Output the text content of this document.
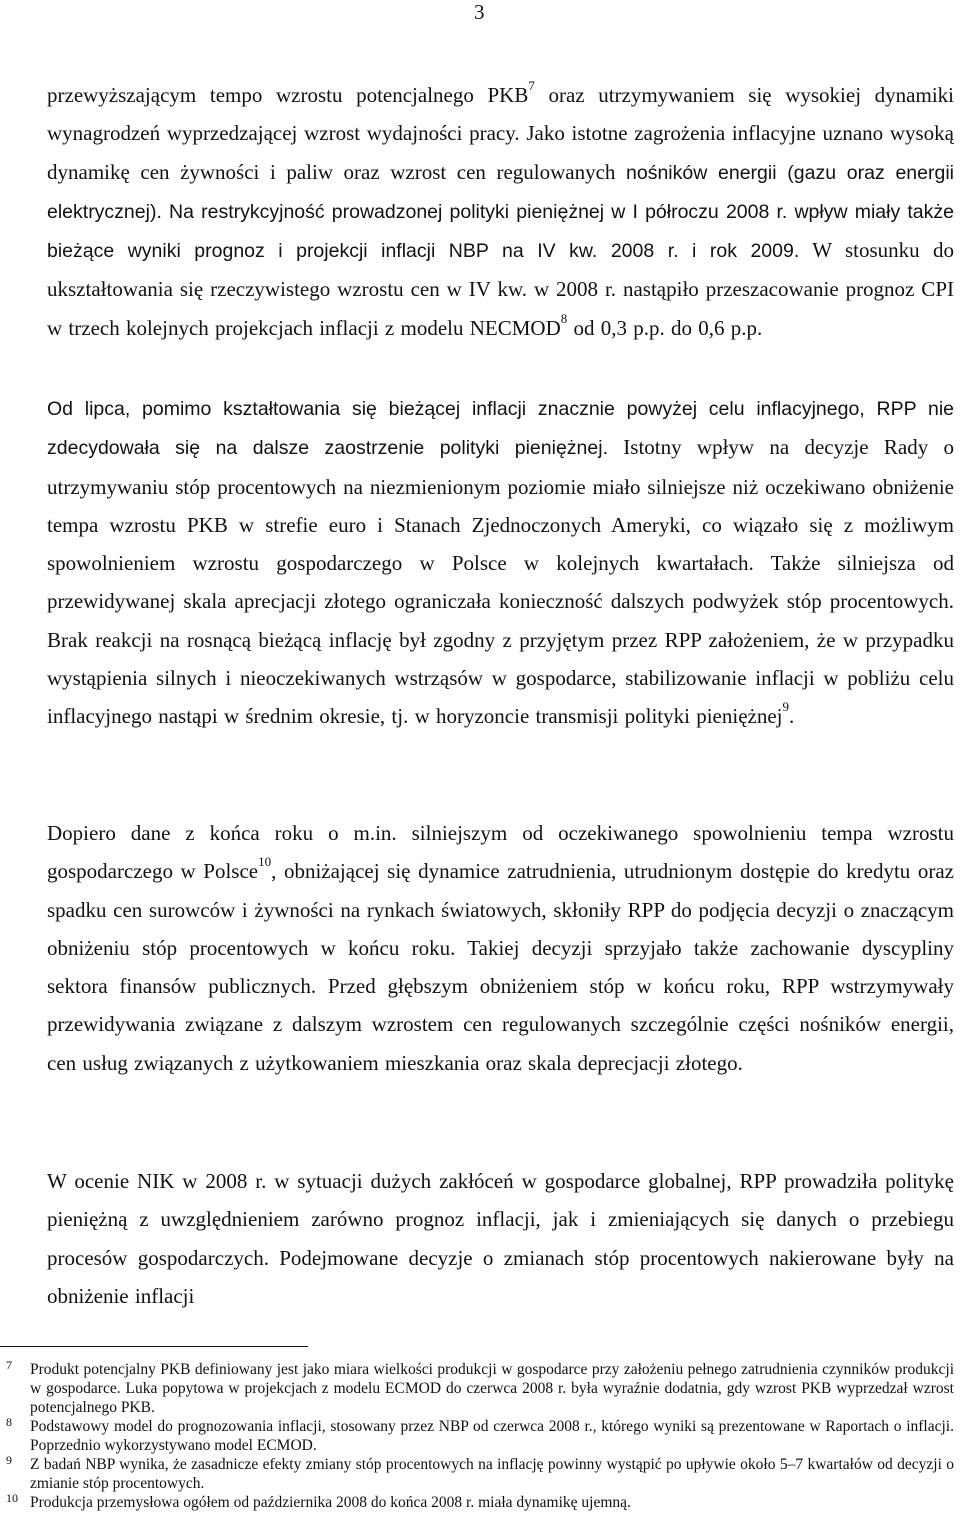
3

przewyższającym tempo wzrostu potencjalnego PKB$^7$ oraz utrzymywaniem się wysokiej dynamiki wynagrodzeń wyprzedzającej wzrost wydajności pracy. Jako istotne zagrożenia inflacyjne uznano wysoką dynamikę cen żywności i paliw oraz wzrost cen regulowanych nośników energii (gazu oraz energii elektrycznej). Na restrykcyjność prowadzonej polityki pieniężnej w I półroczu 2008 r. wpływ miały także bieżące wyniki prognoz i projekcji inflacji NBP na IV kw. 2008 r. i rok 2009. W stosunku do ukształtowania się rzeczywistego wzrostu cen w IV kw. w 2008 r. nastąpiło przeszacowanie prognoz CPI w trzech kolejnych projekcjach inflacji z modelu NECMOD$^8$ od 0,3 p.p. do 0,6 p.p.

Od lipca, pomimo kształtowania się bieżącej inflacji znacznie powyżej celu inflacyjnego, RPP nie zdecydowała się na dalsze zaostrzenie polityki pieniężnej. Istotny wpływ na decyzje Rady o utrzymywaniu stóp procentowych na niezmienionym poziomie miało silniejsze niż oczekiwano obniżenie tempa wzrostu PKB w strefie euro i Stanach Zjednoczonych Ameryki, co wiązało się z możliwym spowolnieniem wzrostu gospodarczego w Polsce w kolejnych kwartałach. Także silniejsza od przewidywanej skala aprecjacji złotego ograniczała konieczność dalszych podwyżek stóp procentowych. Brak reakcji na rosnącą bieżącą inflację był zgodny z przyjętym przez RPP założeniem, że w przypadku wystąpienia silnych i nieoczekiwanych wstrząsów w gospodarce, stabilizowanie inflacji w pobliżu celu inflacyjnego nastąpi w średnim okresie, tj. w horyzoncie transmisji polityki pieniężnej$^9$.

Dopiero dane z końca roku o m.in. silniejszym od oczekiwanego spowolnieniu tempa wzrostu gospodarczego w Polsce$^{10}$, obniżającej się dynamice zatrudnienia, utrudnionym dostępie do kredytu oraz spadku cen surowców i żywności na rynkach światowych, skłoniły RPP do podjęcia decyzji o znaczącym obniżeniu stóp procentowych w końcu roku. Takiej decyzji sprzyjało także zachowanie dyscypliny sektora finansów publicznych. Przed głębszym obniżeniem stóp w końcu roku, RPP wstrzymywały przewidywania związane z dalszym wzrostem cen regulowanych szczególnie części nośników energii, cen usług związanych z użytkowaniem mieszkania oraz skala deprecjacji złotego.

W ocenie NIK w 2008 r. w sytuacji dużych zakłóceń w gospodarce globalnej, RPP prowadziła politykę pieniężną z uwzględnieniem zarówno prognoz inflacji, jak i zmieniających się danych o przebiegu procesów gospodarczych. Podejmowane decyzje o zmianach stóp procentowych nakierowane były na obniżenie inflacji

7 Produkt potencjalny PKB definiowany jest jako miara wielkości produkcji w gospodarce przy założeniu pełnego zatrudnienia czynników produkcji w gospodarce. Luka popytowa w projekcjach z modelu ECMOD do czerwca 2008 r. była wyraźnie dodatnia, gdy wzrost PKB wyprzedzał wzrost potencjalnego PKB.
8 Podstawowy model do prognozowania inflacji, stosowany przez NBP od czerwca 2008 r., którego wyniki są prezentowane w Raportach o inflacji. Poprzednio wykorzystywano model ECMOD.
9 Z badań NBP wynika, że zasadnicze efekty zmiany stóp procentowych na inflację powinny wystąpić po upływie około 5–7 kwartałów od decyzji o zmianie stóp procentowych.
10 Produkcja przemysłowa ogółem od października 2008 do końca 2008 r. miała dynamikę ujemną.
